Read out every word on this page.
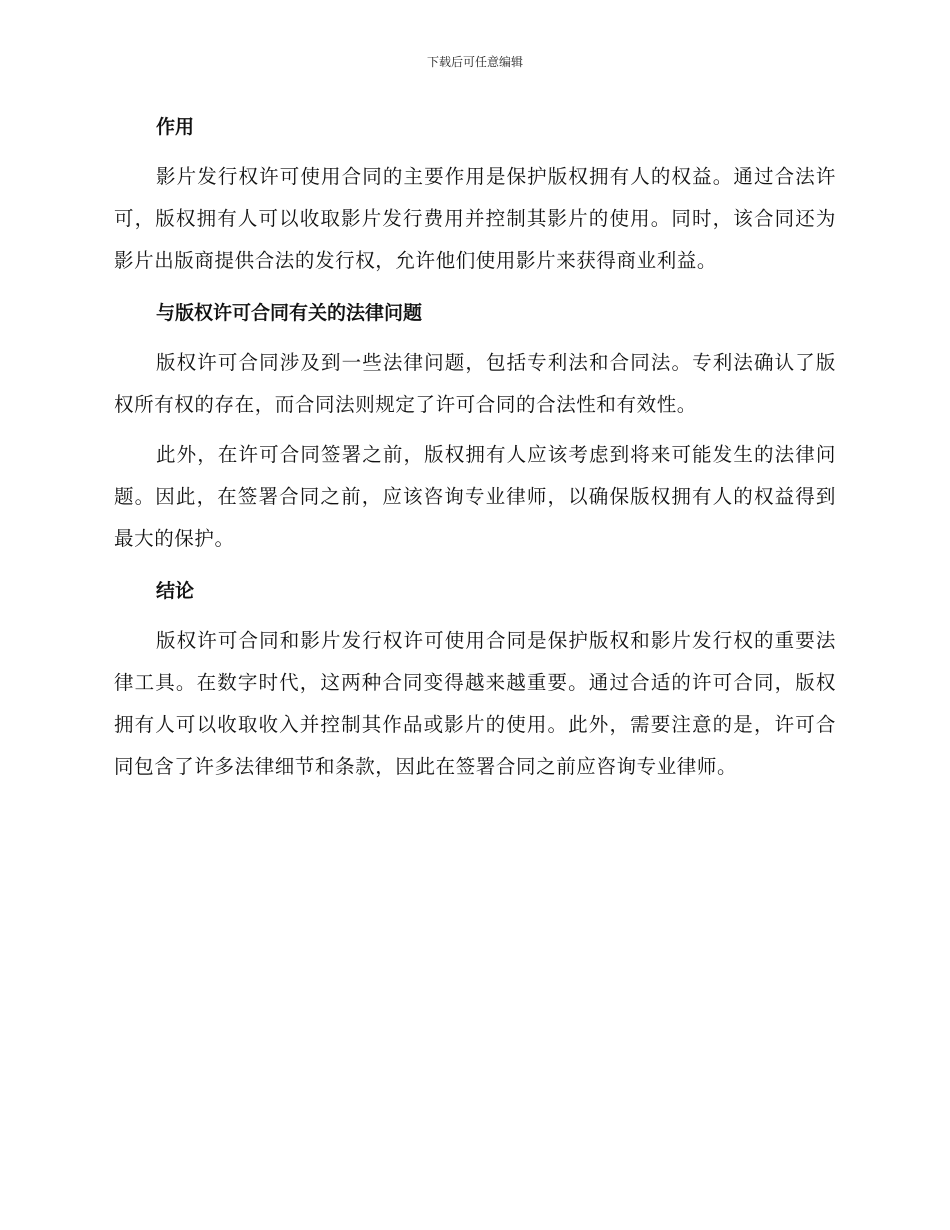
下载后可任意编辑
作用

影片发行权许可使用合同的主要作用是保护版权拥有人的权益。通过合法许可，版权拥有人可以收取影片发行费用并控制其影片的使用。同时，该合同还为影片出版商提供合法的发行权，允许他们使用影片来获得商业利益。

与版权许可合同有关的法律问题

版权许可合同涉及到一些法律问题，包括专利法和合同法。专利法确认了版权所有权的存在，而合同法则规定了许可合同的合法性和有效性。

此外，在许可合同签署之前，版权拥有人应该考虑到将来可能发生的法律问题。因此，在签署合同之前，应该咨询专业律师，以确保版权拥有人的权益得到最大的保护。

结论

版权许可合同和影片发行权许可使用合同是保护版权和影片发行权的重要法律工具。在数字时代，这两种合同变得越来越重要。通过合适的许可合同，版权拥有人可以收取收入并控制其作品或影片的使用。此外，需要注意的是，许可合同包含了许多法律细节和条款，因此在签署合同之前应咨询专业律师。
